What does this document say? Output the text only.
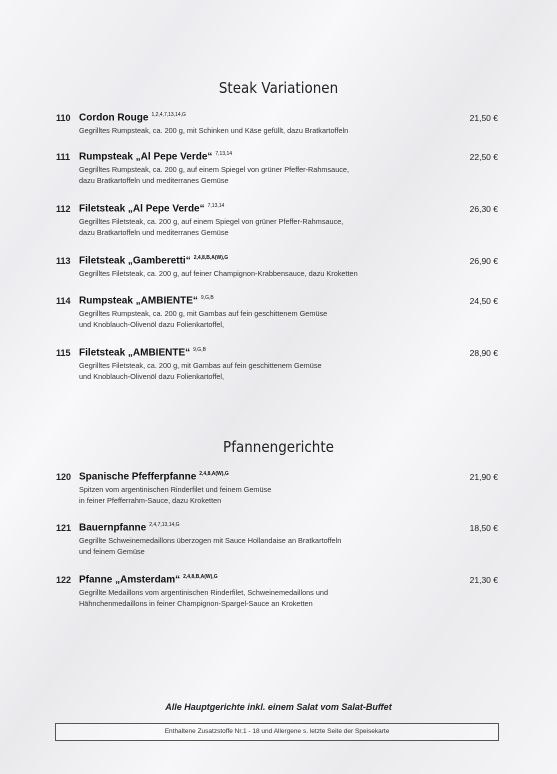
Steak Variationen
110 Cordon Rouge $^{1,2,4,7,13,14,G}$
Gegrilltes Rumpsteak, ca. 200 g, mit Schinken und Käse gefüllt, dazu Bratkartoffeln
21,50 €
111 Rumpsteak „Al Pepe Verde“ $^{7,13,14}$
Gegrilltes Rumpsteak, ca. 200 g, auf einem Spiegel von grüner Pfeffer-Rahmsauce,
dazu Bratkartoffeln und mediterranes Gemüse
22,50 €
112 Filetsteak „Al Pepe Verde“ $^{7,13,14}$
Gegrilltes Filetsteak, ca. 200 g, auf einem Spiegel von grüner Pfeffer-Rahmsauce,
dazu Bratkartoffeln und mediterranes Gemüse
26,30 €
113 Filetsteak „Gamberetti“ $^{2,4,8,B,A(W),G}$
Gegrilltes Filetsteak, ca. 200 g, auf feiner Champignon-Krabbensauce, dazu Kroketten
26,90 €
114 Rumpsteak „AMBIENTE“ $^{9,G,B}$
Gegrilltes Rumpsteak, ca. 200 g, mit Gambas auf fein geschittenem Gemüse
und Knoblauch-Olivenöl dazu Folienkartoffel,
24,50 €
115 Filetsteak „AMBIENTE“ $^{9,G,B}$
Gegrilltes Filetsteak, ca. 200 g, mit Gambas auf fein geschittenem Gemüse
und Knoblauch-Olivenöl dazu Folienkartoffel,
28,90 €
Pfannengerichte
120 Spanische Pfefferpfanne $^{2,4,8,A(W),G}$
Spitzen vom argentinischen Rinderfilet und feinem Gemüse
in feiner Pfefferrahm-Sauce, dazu Kroketten
21,90 €
121 Bauernpfanne $^{2,4,7,13,14,G}$
Gegrillte Schweinemedaillons überzogen mit Sauce Hollandaise an Bratkartoffeln
und feinem Gemüse
18,50 €
122 Pfanne „Amsterdam“ $^{2,4,8,B,A(W),G}$
Gegrillte Medaillons vom argentinischen Rinderfilet, Schweinemedaillons und
Hähnchenmedaillons in feiner Champignon-Spargel-Sauce an Kroketten
21,30 €
Alle Hauptgerichte inkl. einem Salat vom Salat-Buffet
Enthaltene Zusatzstoffe Nr.1 - 18 und Allergene s. letzte Seite der Speisekarte
